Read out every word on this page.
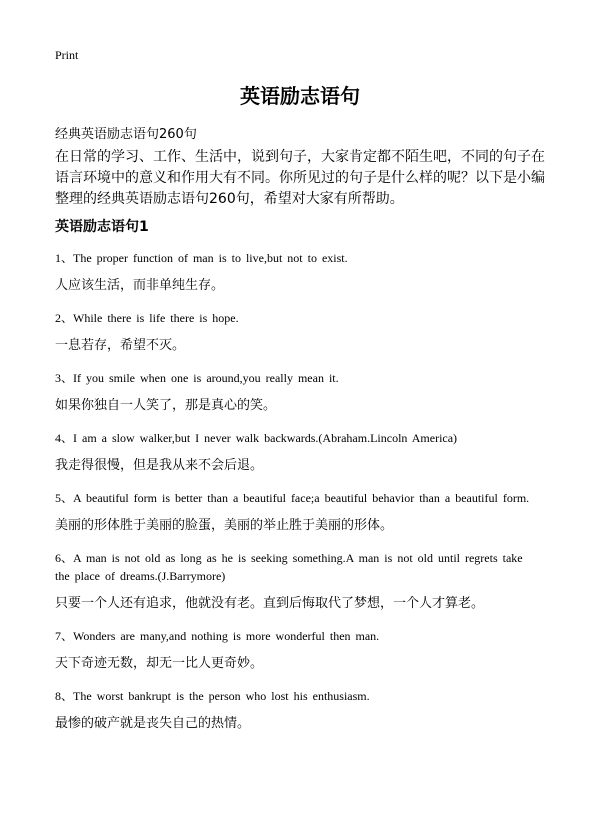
Print
英语励志语句

经典英语励志语句260句

在日常的学习、工作、生活中，说到句子，大家肯定都不陌生吧，不同的句子在语言环境中的意义和作用大有不同。你所见过的句子是什么样的呢？以下是小编整理的经典英语励志语句260句，希望对大家有所帮助。

英语励志语句1

1、The proper function of man is to live,but not to exist.

人应该生活，而非单纯生存。

2、While there is life there is hope.

一息若存，希望不灭。

3、If you smile when one is around,you really mean it.

如果你独自一人笑了，那是真心的笑。

4、I am a slow walker,but I never walk backwards.(Abraham.Lincoln America)

我走得很慢，但是我从来不会后退。

5、A beautiful form is better than a beautiful face;a beautiful behavior than a beautiful form.

美丽的形体胜于美丽的脸蛋，美丽的举止胜于美丽的形体。

6、A man is not old as long as he is seeking something.A man is not old until regrets take the place of dreams.(J.Barrymore)

只要一个人还有追求，他就没有老。直到后悔取代了梦想，一个人才算老。

7、Wonders are many,and nothing is more wonderful then man.

天下奇迹无数，却无一比人更奇妙。

8、The worst bankrupt is the person who lost his enthusiasm.

最惨的破产就是丧失自己的热情。
